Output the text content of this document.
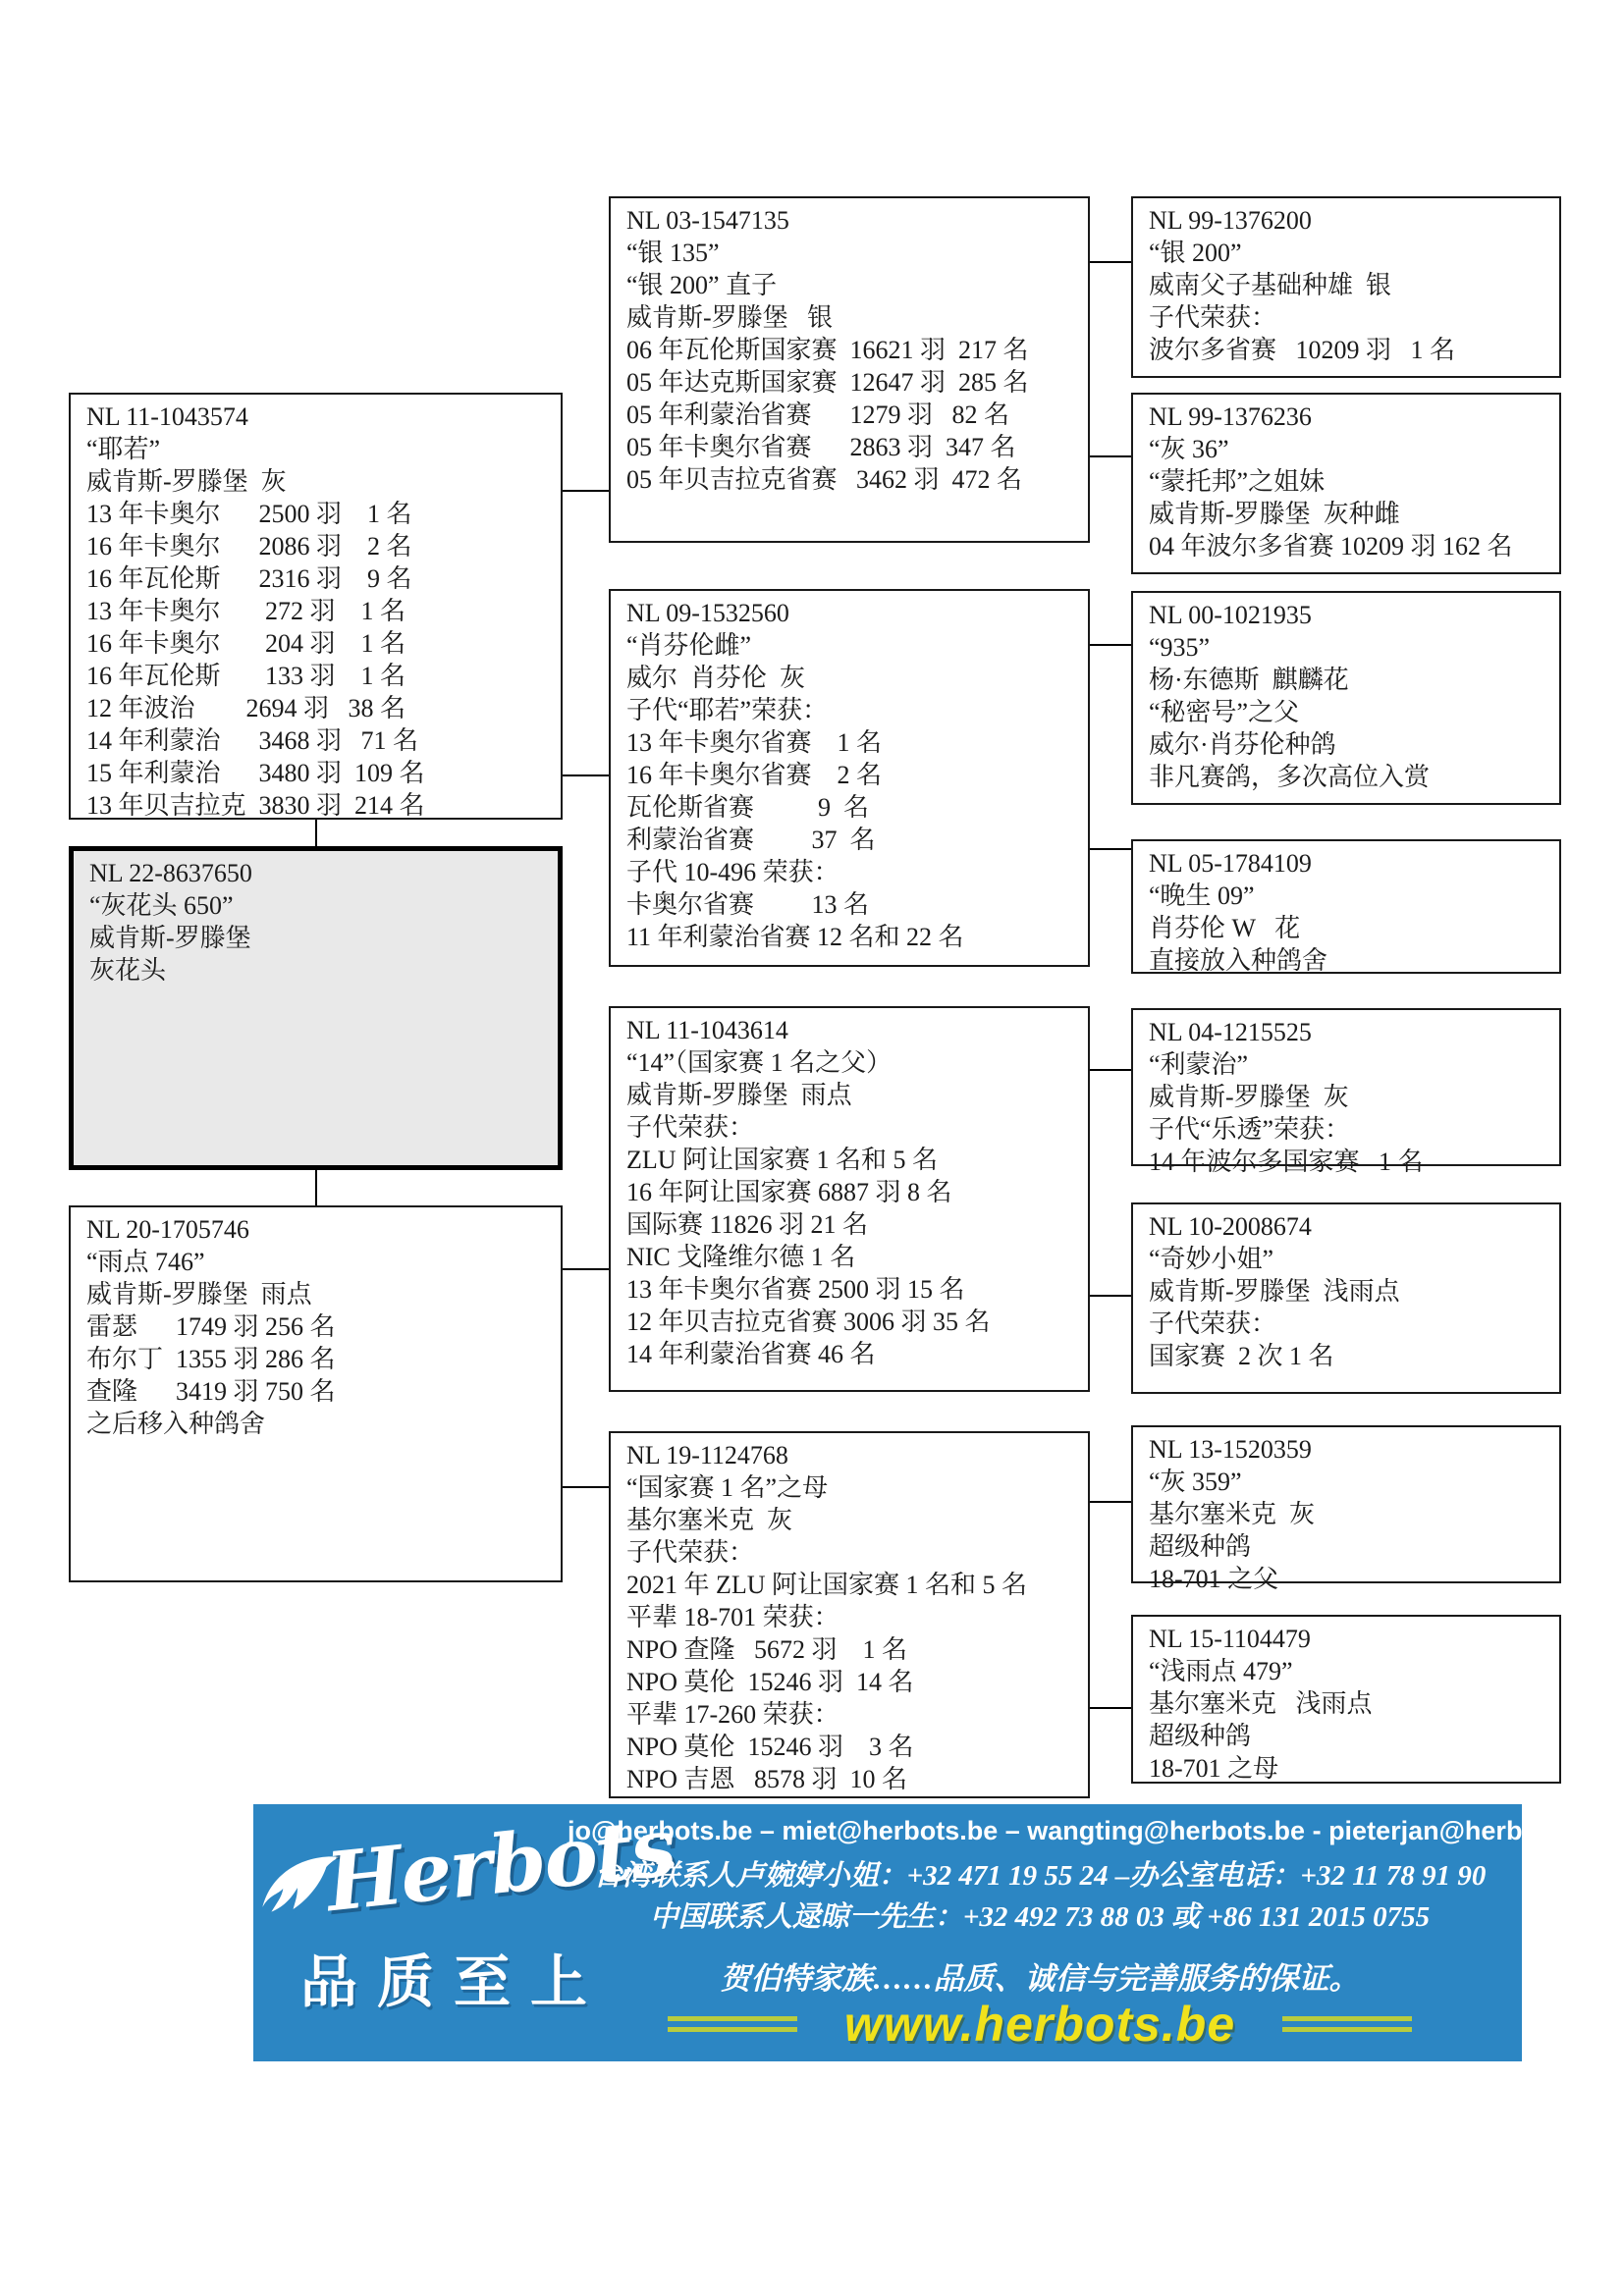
NL 11-1043574
“耶若”
威肯斯-罗滕堡  灰
13 年卡奥尔      2500 羽    1 名
16 年卡奥尔      2086 羽    2 名
16 年瓦伦斯      2316 羽    9 名
13 年卡奥尔       272 羽    1 名
16 年卡奥尔       204 羽    1 名
16 年瓦伦斯       133 羽    1 名
12 年波治        2694 羽   38 名
14 年利蒙治      3468 羽   71 名
15 年利蒙治      3480 羽  109 名
13 年贝吉拉克  3830 羽  214 名
NL 22-8637650
“灰花头 650”
威肯斯-罗滕堡
灰花头
NL 20-1705746
“雨点 746”
威肯斯-罗滕堡  雨点
雷瑟      1749 羽 256 名
布尔丁  1355 羽 286 名
查隆      3419 羽 750 名
之后移入种鸽舍
NL 03-1547135
“银 135”
“银 200” 直子
威肯斯-罗滕堡   银
06 年瓦伦斯国家赛  16621 羽  217 名
05 年达克斯国家赛  12647 羽  285 名
05 年利蒙治省赛      1279 羽   82 名
05 年卡奥尔省赛      2863 羽  347 名
05 年贝吉拉克省赛   3462 羽  472 名
NL 09-1532560
“肖芬伦雌”
威尔  肖芬伦  灰
子代“耶若”荣获：
13 年卡奥尔省赛    1 名
16 年卡奥尔省赛    2 名
瓦伦斯省赛          9  名
利蒙治省赛         37  名
子代 10-496 荣获：
卡奥尔省赛         13 名
11 年利蒙治省赛 12 名和 22 名
NL 11-1043614
“14”（国家赛 1 名之父）
威肯斯-罗滕堡  雨点
子代荣获：
ZLU 阿让国家赛 1 名和 5 名
16 年阿让国家赛 6887 羽 8 名
国际赛 11826 羽 21 名
NIC 戈隆维尔德 1 名
13 年卡奥尔省赛 2500 羽 15 名
12 年贝吉拉克省赛 3006 羽 35 名
14 年利蒙治省赛 46 名
NL 19-1124768
“国家赛 1 名”之母
基尔塞米克  灰
子代荣获：
2021 年 ZLU 阿让国家赛 1 名和 5 名
平辈 18-701 荣获：
NPO 查隆   5672 羽    1 名
NPO 莫伦  15246 羽  14 名
平辈 17-260 荣获：
NPO 莫伦  15246 羽    3 名
NPO 吉恩   8578 羽  10 名
NL 99-1376200
“银 200”
威南父子基础种雄  银
子代荣获：
波尔多省赛   10209 羽   1 名
NL 99-1376236
“灰 36”
“蒙托邦”之姐妹
威肯斯-罗滕堡  灰种雌
04 年波尔多省赛 10209 羽 162 名
NL 00-1021935
“935”
杨·东德斯  麒麟花
“秘密号”之父
威尔·肖芬伦种鸽
非凡赛鸽，多次高位入赏
NL 05-1784109
“晚生 09”
肖芬伦 W   花
直接放入种鸽舍
NL 04-1215525
“利蒙治”
威肯斯-罗滕堡  灰
子代“乐透”荣获：
14 年波尔多国家赛   1 名
NL 10-2008674
“奇妙小姐”
威肯斯-罗滕堡  浅雨点
子代荣获：
国家赛  2 次 1 名
NL 13-1520359
“灰 359”
基尔塞米克  灰
超级种鸽
18-701 之父
NL 15-1104479
“浅雨点 479”
基尔塞米克   浅雨点
超级种鸽
18-701 之母
Herbots
品质至上
jo@herbots.be – miet@herbots.be – wangting@herbots.be - pieterjan@herbots.be
台湾联系人卢婉婷小姐：+32 471 19 55 24 –办公室电话：+32 11 78 91 90
中国联系人逯晾一先生：+32 492 73 88 03 或 +86 131 2015 0755
贺伯特家族……品质、诚信与完善服务的保证。
www.herbots.be
